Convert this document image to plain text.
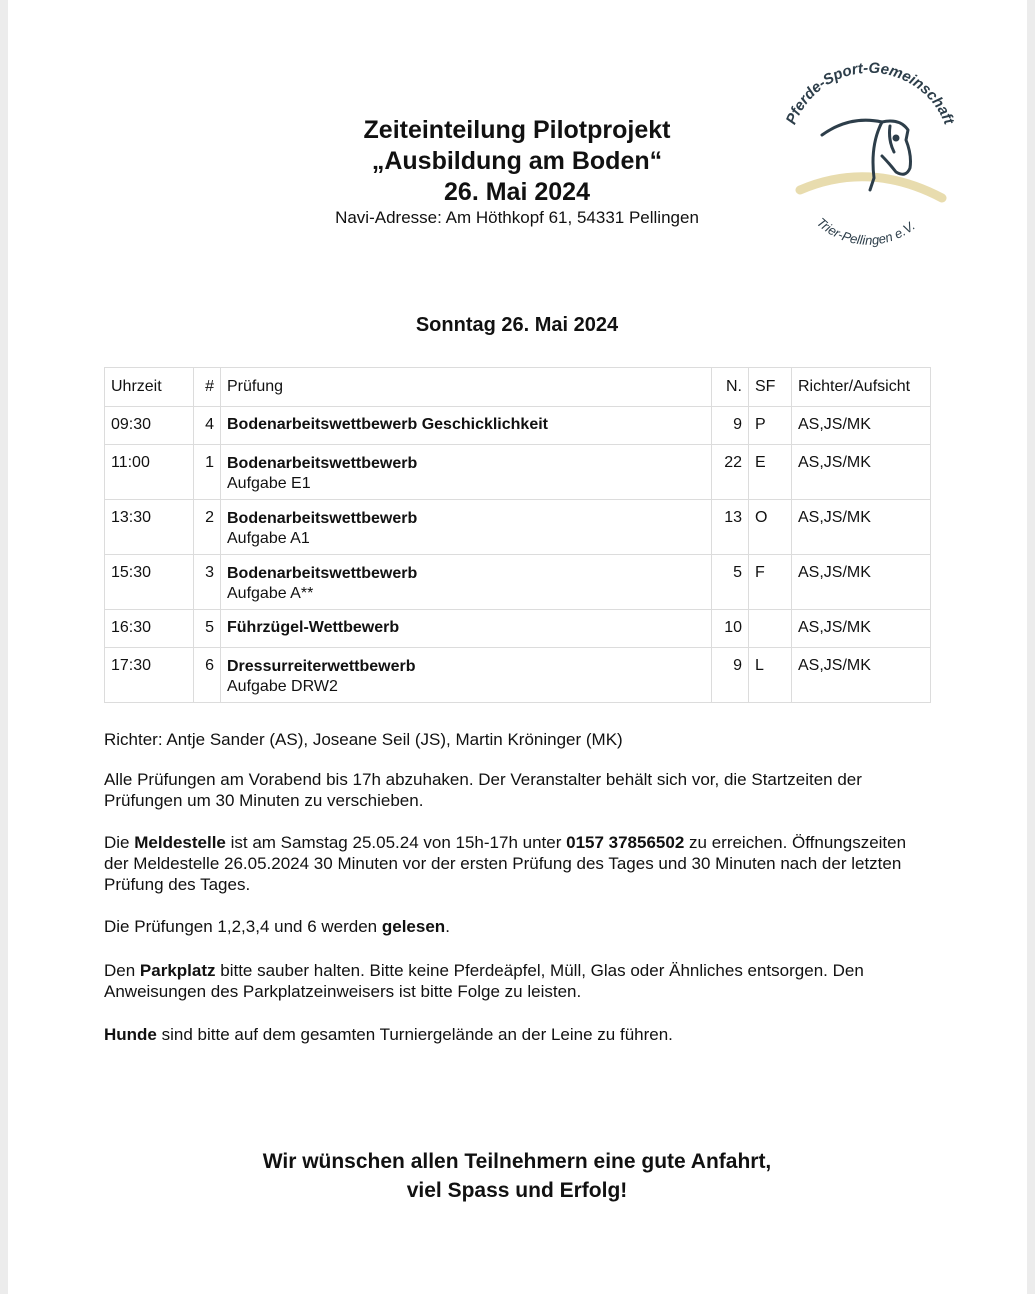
Zeiteinteilung Pilotprojekt
„Ausbildung am Boden“
26. Mai 2024
Navi-Adresse: Am Höthkopf 61, 54331 Pellingen
Pferde-Sport-Gemeinschaft
Trier-Pellingen e.V.
Sonntag 26. Mai 2024
Uhrzeit	#	Prüfung	N.	SF	Richter/Aufsicht
09:30	4	Bodenarbeitswettbewerb Geschicklichkeit	9	P	AS,JS/MK
11:00	1	Bodenarbeitswettbewerb
Aufgabe E1	22	E	AS,JS/MK
13:30	2	Bodenarbeitswettbewerb
Aufgabe A1	13	O	AS,JS/MK
15:30	3	Bodenarbeitswettbewerb
Aufgabe A**	5	F	AS,JS/MK
16:30	5	Führzügel-Wettbewerb	10		AS,JS/MK
17:30	6	Dressurreiterwettbewerb
Aufgabe DRW2	9	L	AS,JS/MK
Richter: Antje Sander (AS), Joseane Seil (JS), Martin Kröninger (MK)
Alle Prüfungen am Vorabend bis 17h abzuhaken. Der Veranstalter behält sich vor, die Startzeiten der Prüfungen um 30 Minuten zu verschieben.
Die Meldestelle ist am Samstag 25.05.24 von 15h-17h unter 0157 37856502 zu erreichen. Öffnungszeiten der Meldestelle 26.05.2024 30 Minuten vor der ersten Prüfung des Tages und 30 Minuten nach der letzten Prüfung des Tages.
Die Prüfungen 1,2,3,4 und 6 werden gelesen.
Den Parkplatz bitte sauber halten. Bitte keine Pferdeäpfel, Müll, Glas oder Ähnliches entsorgen. Den Anweisungen des Parkplatzeinweisers ist bitte Folge zu leisten.
Hunde sind bitte auf dem gesamten Turniergelände an der Leine zu führen.
Wir wünschen allen Teilnehmern eine gute Anfahrt,
viel Spass und Erfolg!
